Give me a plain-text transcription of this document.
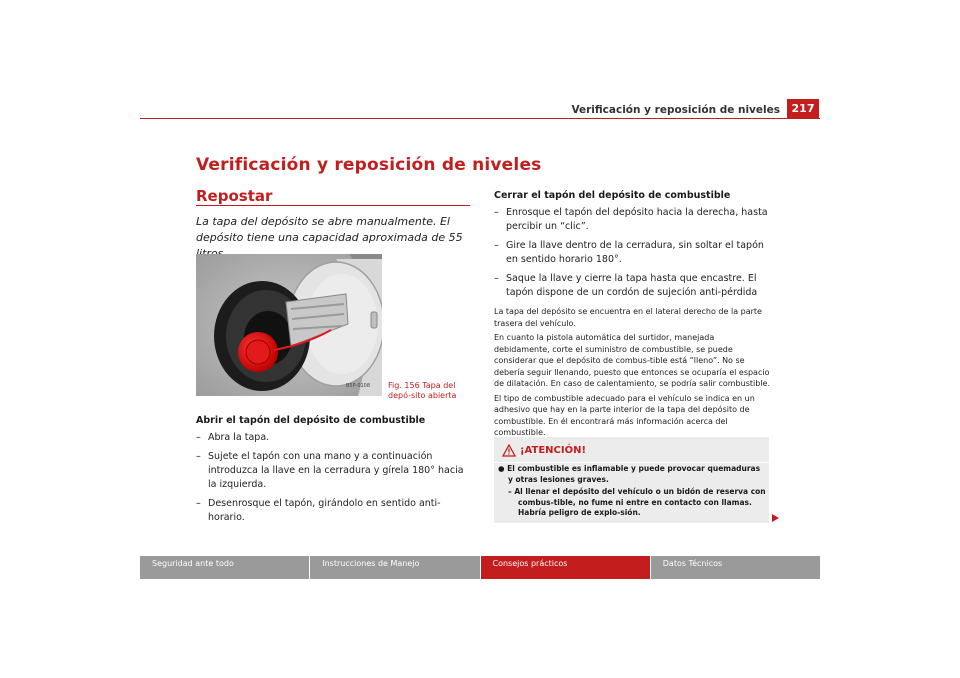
Verificación y reposición de niveles	217
Verificación y reposición de niveles
Repostar
La tapa del depósito se abre manualmente. El depósito tiene una capacidad aproximada de 55
B5P-0108 Fig. 156 Tapa del depó-sito abierta
Abrir el tapón del depósito de combustible
– Abra la tapa.
– Sujete el tapón con una mano y a continuación introduzca la llave en la cerradura y gírela 180° hacia la izquierda.
– Desenrosque el tapón, girándolo en sentido anti-horario.
Cerrar el tapón del depósito de combustible
– Enrosque el tapón del depósito hacia la derecha, hasta percibir un “clic”.
– Gire la llave dentro de la cerradura, sin soltar el tapón en sentido horario 180°.
– Saque la llave y cierre la tapa hasta que encastre. El tapón dispone de un cordón de sujeción anti-pérdida

La tapa del depósito se encuentra en el lateral derecho de la parte trasera del vehículo.

En cuanto la pistola automática del surtidor, manejada debidamente, corte el suministro de combustible, se puede considerar que el depósito de combus-tible está “lleno”. No se debería seguir llenando, puesto que entonces se ocuparía el espacio de dilatación. En caso de calentamiento, se podría salir combustible.

El tipo de combustible adecuado para el vehículo se indica en un adhesivo que hay en la parte interior de la tapa del depósito de combustible. En él encontrará más información acerca del combustible.

¡ATENCIÓN!

● El combustible es inflamable y puede provocar quemaduras y otras lesiones graves.

– Al llenar el depósito del vehículo o un bidón de reserva con combus-tible, no fume ni entre en contacto con llamas. Habría peligro de explo-sión.

Seguridad ante todo	Instrucciones de Manejo	Consejos prácticos	Datos Técnicos
